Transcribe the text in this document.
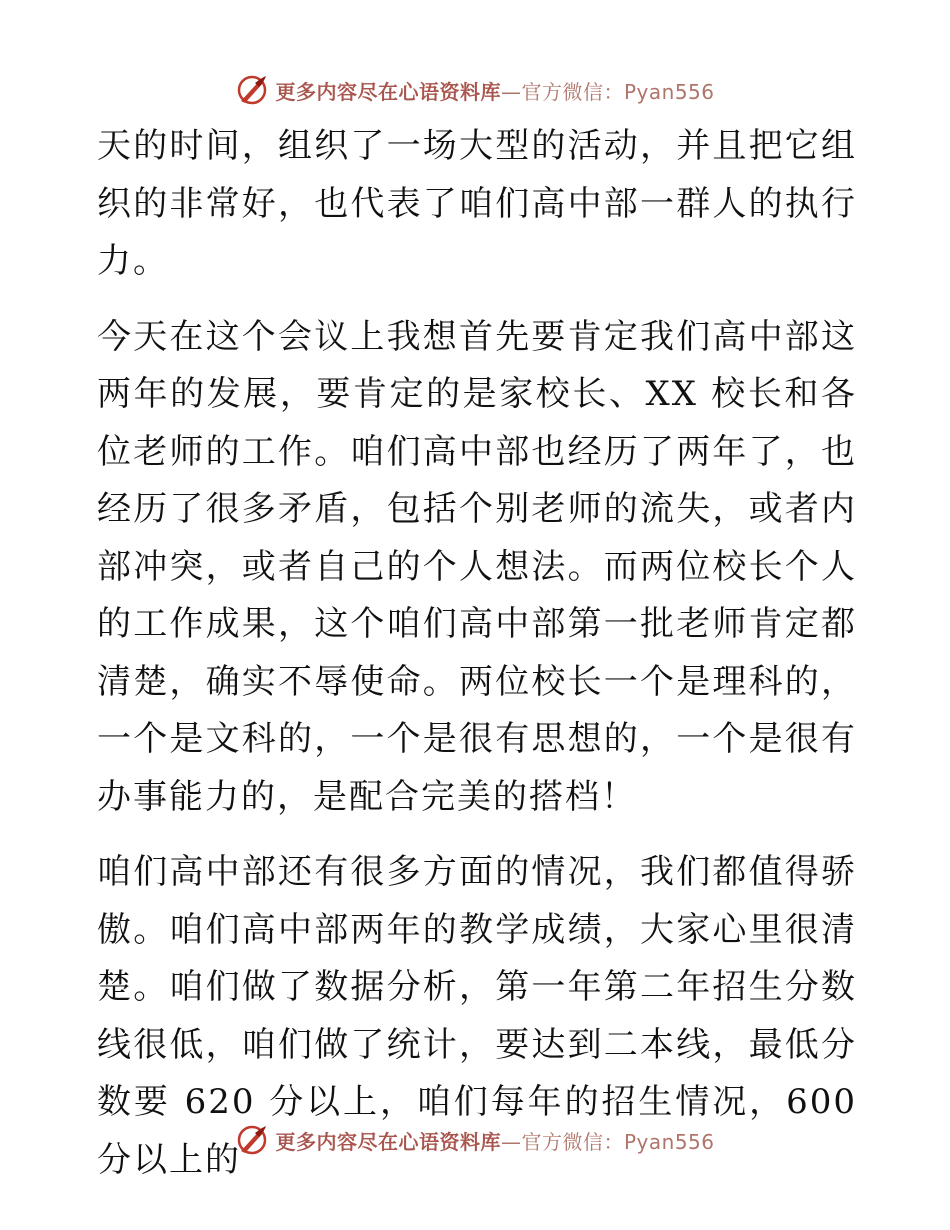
更多内容尽在心语资料库—官方微信：Pyan556

天的时间，组织了一场大型的活动，并且把它组织的非常好，也代表了咱们高中部一群人的执行力。

今天在这个会议上我想首先要肯定我们高中部这两年的发展，要肯定的是家校长、XX 校长和各位老师的工作。咱们高中部也经历了两年了，也经历了很多矛盾，包括个别老师的流失，或者内部冲突，或者自己的个人想法。而两位校长个人的工作成果，这个咱们高中部第一批老师肯定都清楚，确实不辱使命。两位校长一个是理科的，一个是文科的，一个是很有思想的，一个是很有办事能力的，是配合完美的搭档！

咱们高中部还有很多方面的情况，我们都值得骄傲。咱们高中部两年的教学成绩，大家心里很清楚。咱们做了数据分析，第一年第二年招生分数线很低，咱们做了统计，要达到二本线，最低分数要 620 分以上，咱们每年的招生情况，600 分以上的	更多内容尽在心语资料库—官方微信：Pyan556
